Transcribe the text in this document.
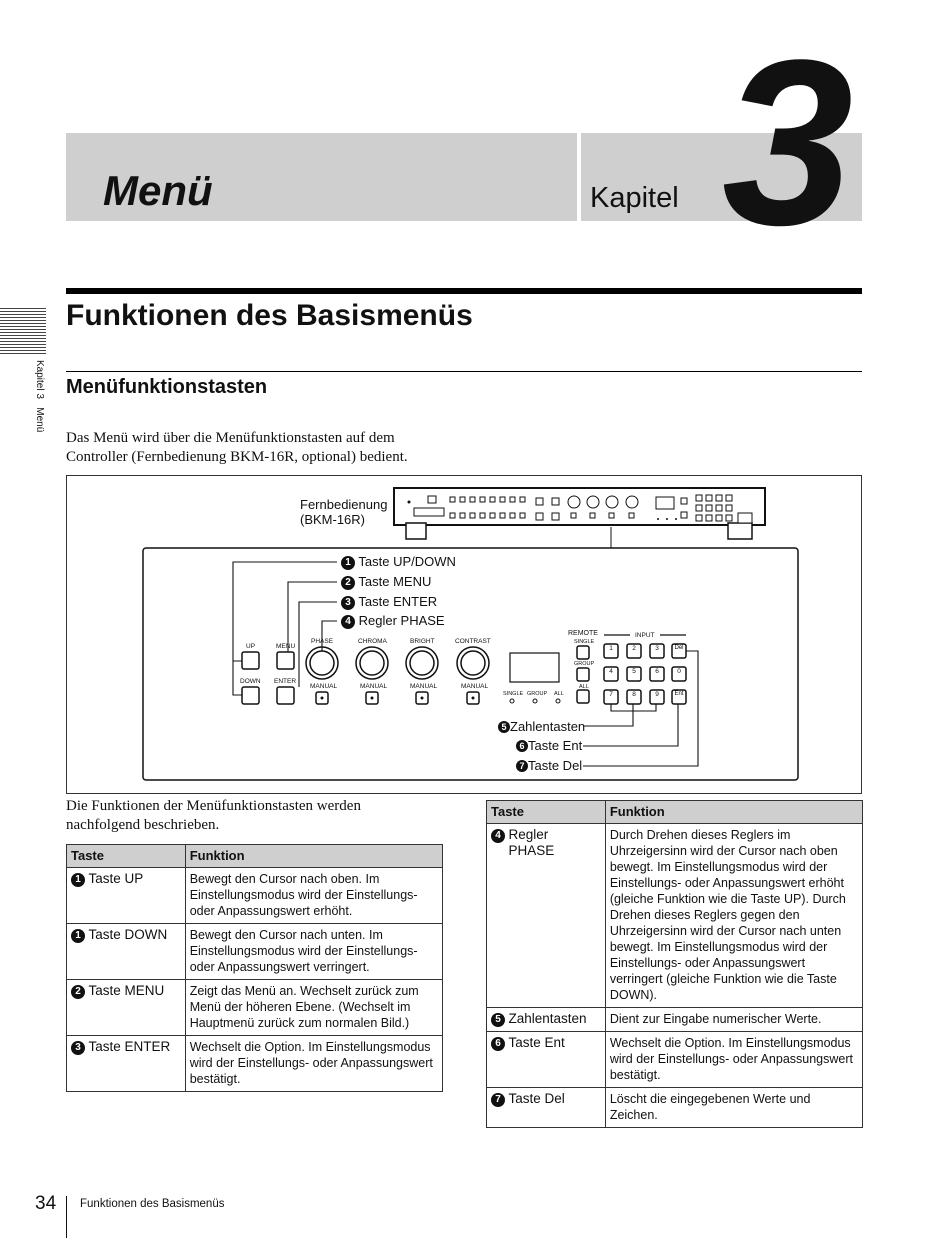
Menü	Kapitel 3
Kapitel 3   Menü
Funktionen des Basismenüs
Menüfunktionstasten
Das Menü wird über die Menüfunktionstasten auf dem
Controller (Fernbedienung BKM-16R, optional) bedient.
Fernbedienung
(BKM-16R)
1 Taste UP/DOWN
2 Taste MENU
3 Taste ENTER
4 Regler PHASE
5 Zahlentasten
6 Taste Ent
7 Taste Del
UP	MENU
DOWN ENTER
PHASE	CHROMA	BRIGHT	CONTRAST
MANUAL	MANUAL	MANUAL	MANUAL
REMOTE	INPUT
SINGLE
GROUP
ALL
SINGLE GROUP ALL
1	2	3	Del
4	5	6	0
7	8	9	Ent
Die Funktionen der Menüfunktionstasten werden
nachfolgend beschrieben.
Taste	Funktion
1 Taste UP	Bewegt den Cursor nach oben. Im Einstellungsmodus wird der Einstellungs- oder Anpassungswert erhöht.
1 Taste DOWN	Bewegt den Cursor nach unten. Im Einstellungsmodus wird der Einstellungs- oder Anpassungswert verringert.
2 Taste MENU	Zeigt das Menü an. Wechselt zurück zum Menü der höheren Ebene. (Wechselt im Hauptmenü zurück zum normalen Bild.)
3 Taste ENTER	Wechselt die Option. Im Einstellungsmodus wird der Einstellungs- oder Anpassungswert bestätigt.
Taste	Funktion
4 Regler PHASE	Durch Drehen dieses Reglers im Uhrzeigersinn wird der Cursor nach oben bewegt. Im Einstellungsmodus wird der Einstellungs- oder Anpassungswert erhöht (gleiche Funktion wie die Taste UP). Durch Drehen dieses Reglers gegen den Uhrzeigersinn wird der Cursor nach unten bewegt. Im Einstellungsmodus wird der Einstellungs- oder Anpassungswert verringert (gleiche Funktion wie die Taste DOWN).
5 Zahlentasten	Dient zur Eingabe numerischer Werte.
6 Taste Ent	Wechselt die Option. Im Einstellungsmodus wird der Einstellungs- oder Anpassungswert bestätigt.
7 Taste Del	Löscht die eingegebenen Werte und Zeichen.
34 Funktionen des Basismenüs
